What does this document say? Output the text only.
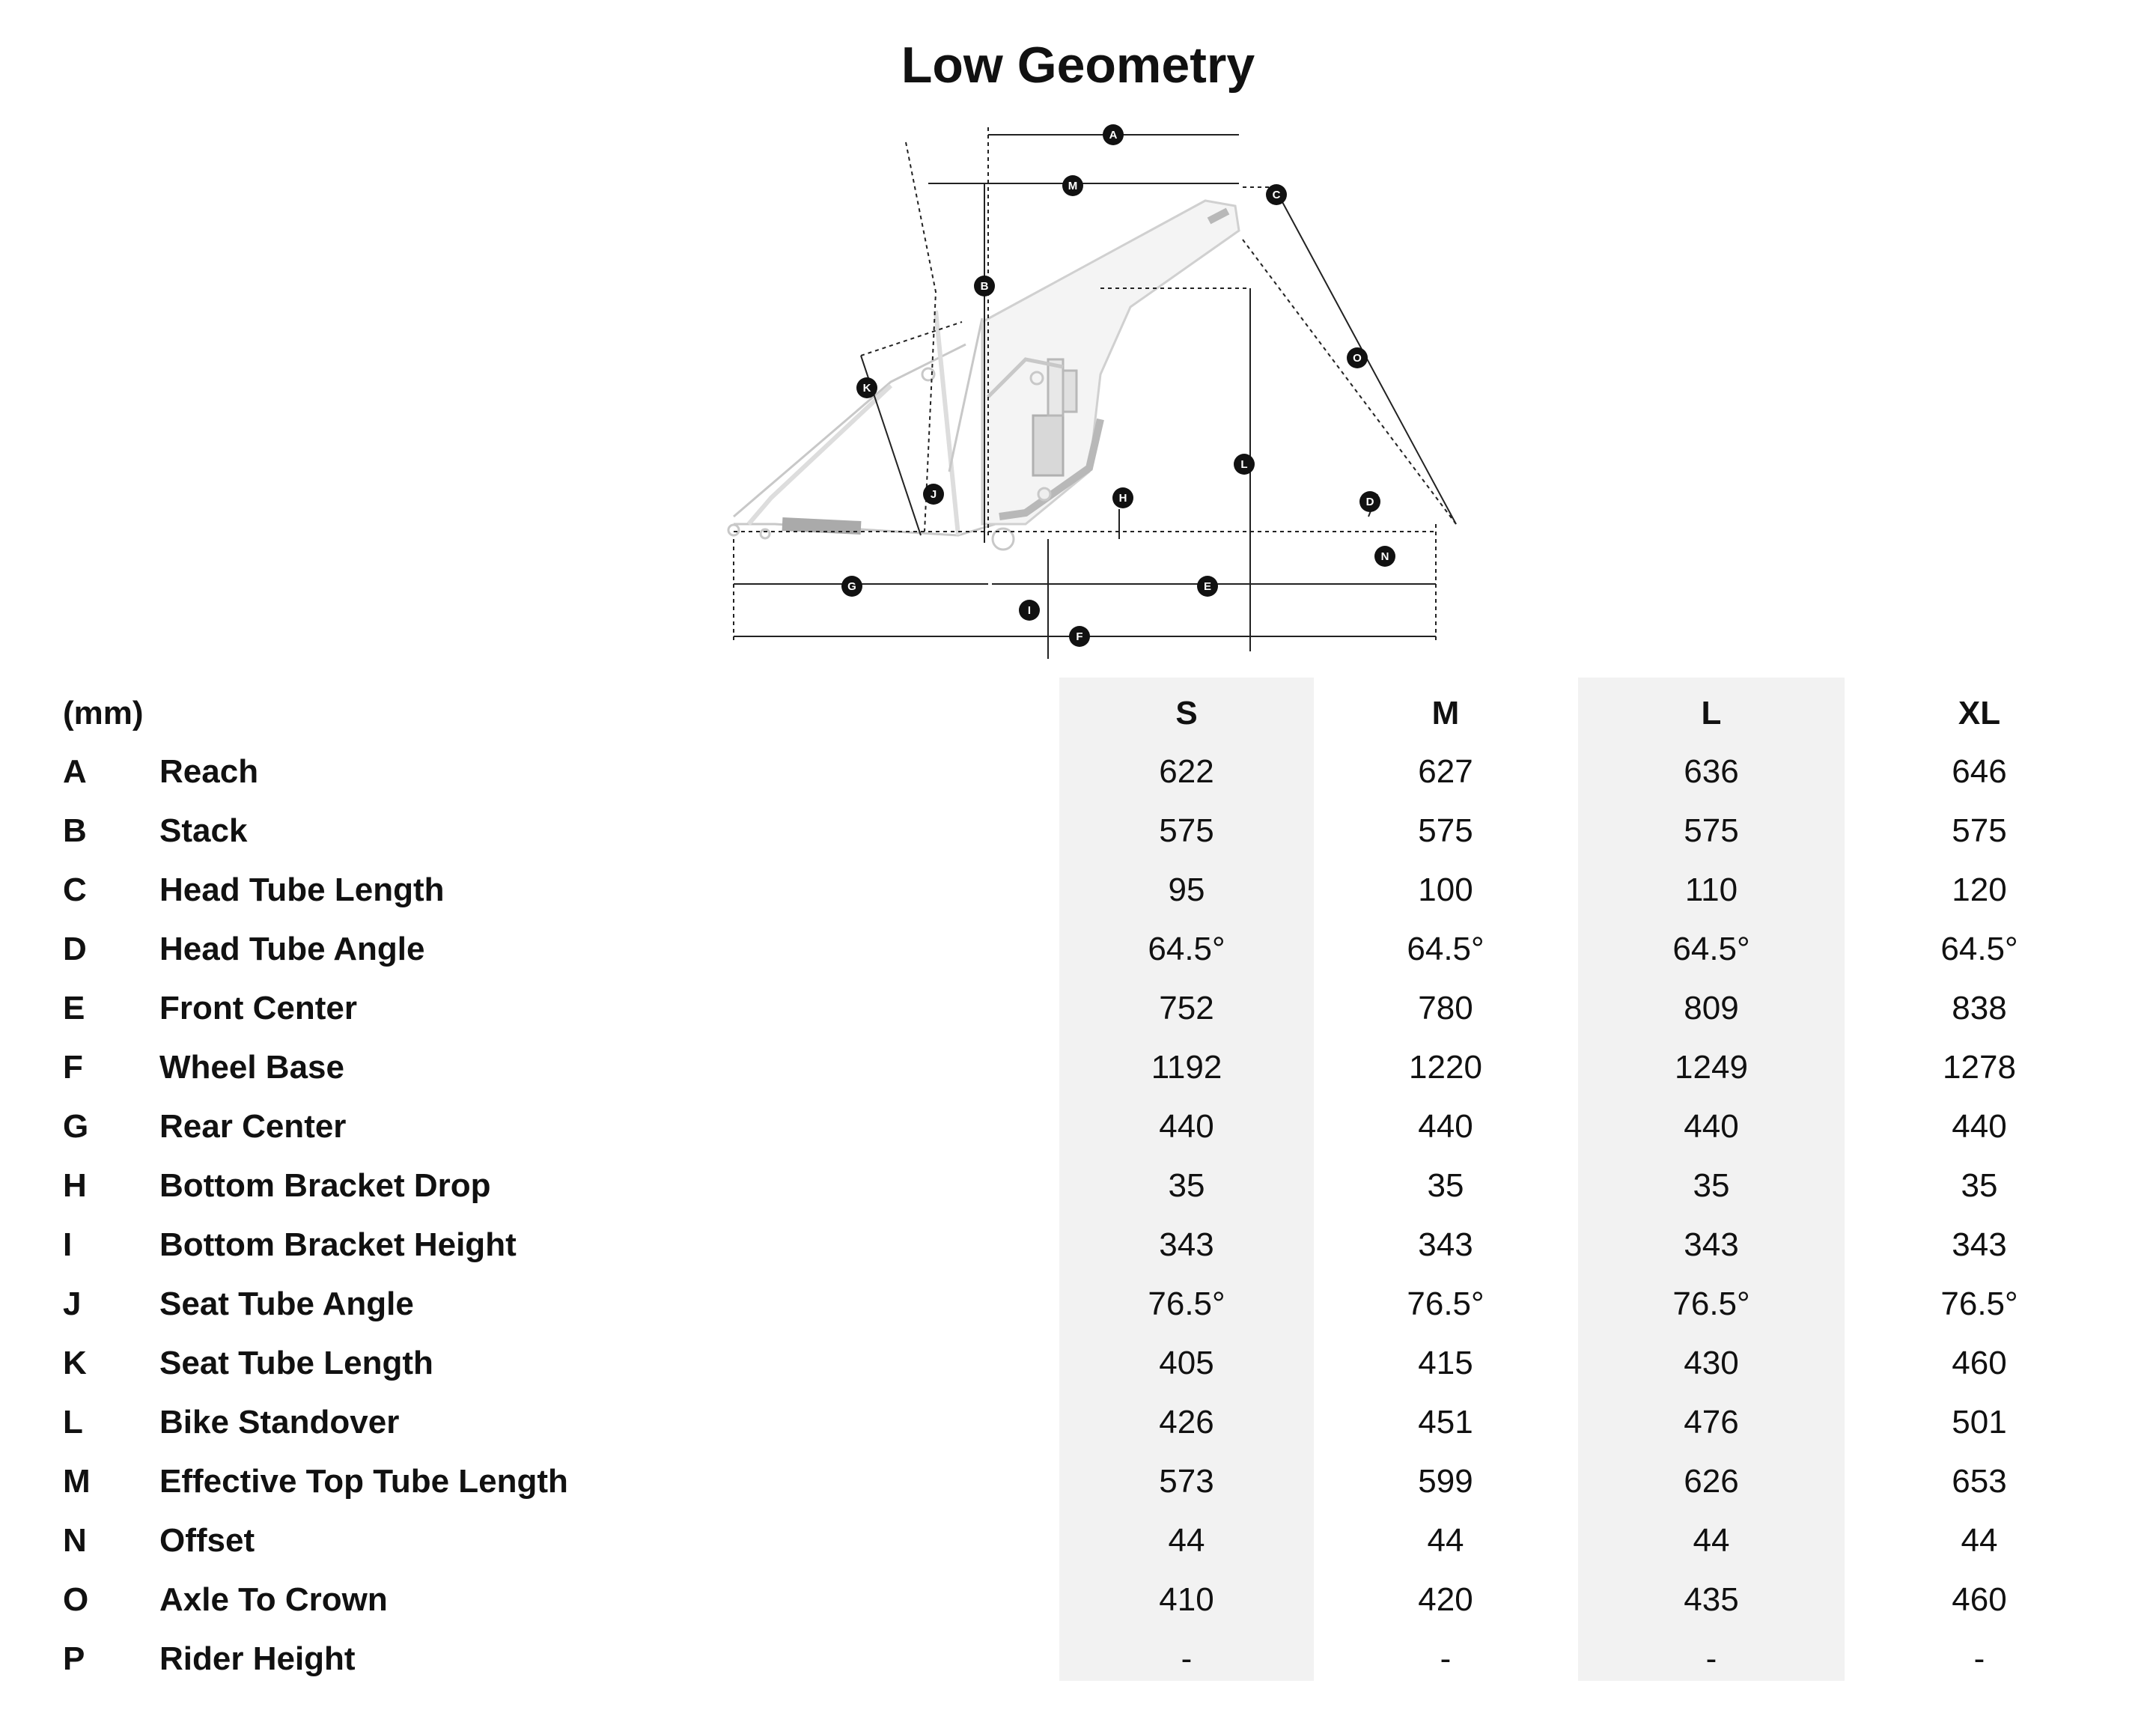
Low Geometry
A
B
C
D
E
F
G
H
I
J
K
L
M
N
O
(mm)	S	M	L	XL
A Reach	622	627	636	646
B Stack	575	575	575	575
C Head Tube Length	95	100	110	120
D Head Tube Angle	64.5°	64.5°	64.5°	64.5°
E Front Center	752	780	809	838
F Wheel Base	1192	1220	1249	1278
G Rear Center	440	440	440	440
H Bottom Bracket Drop	35	35	35	35
I	Bottom Bracket Height	343	343	343	343
J Seat Tube Angle	76.5°	76.5°	76.5°	76.5°
K Seat Tube Length	405	415	430	460
L Bike Standover	426	451	476	501
M Effective Top Tube Length	573	599	626	653
N Offset	44	44	44	44
O Axle To Crown	410	420	435	460
P Rider Height	-	-	-	-
